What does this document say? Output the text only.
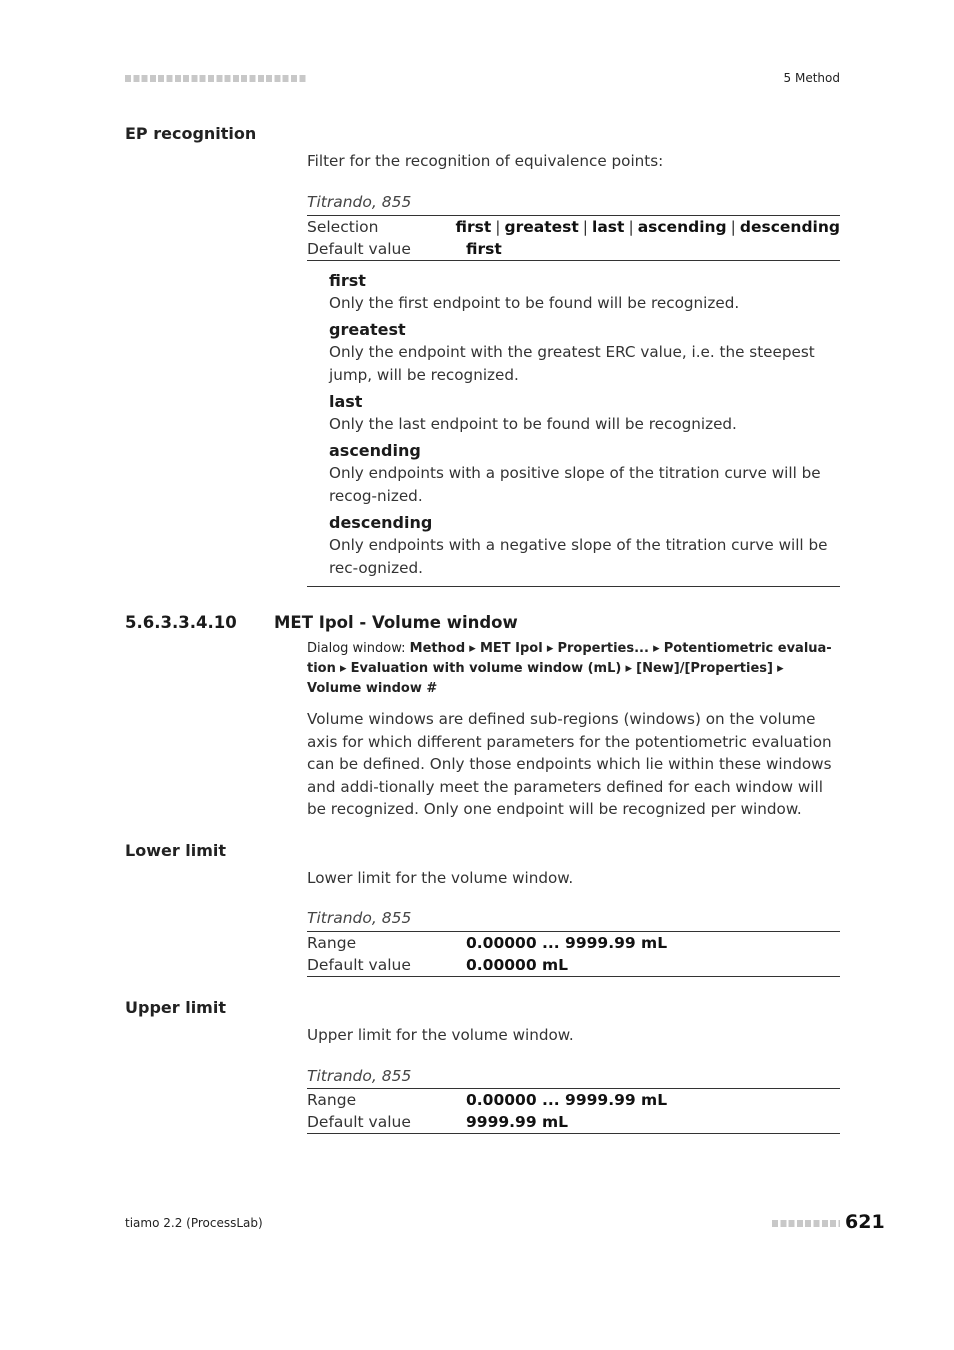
5 Method
EP recognition
Filter for the recognition of equivalence points:
Titrando, 855
Selection	first | greatest | last | ascending | descending
Default value	first
first
Only the first endpoint to be found will be recognized.
greatest
Only the endpoint with the greatest ERC value, i.e. the steepest jump, will be recognized.
last
Only the last endpoint to be found will be recognized.
ascending
Only endpoints with a positive slope of the titration curve will be recog-nized.
descending
Only endpoints with a negative slope of the titration curve will be rec-ognized.
5.6.3.3.4.10 MET Ipol - Volume window
Dialog window: Method ▸ MET Ipol ▸ Properties... ▸ Potentiometric evalua-tion ▸ Evaluation with volume window (mL) ▸ [New]/[Properties] ▸ Volume window #
Volume windows are defined sub-regions (windows) on the volume axis for which different parameters for the potentiometric evaluation can be defined. Only those endpoints which lie within these windows and addi-tionally meet the parameters defined for each window will be recognized. Only one endpoint will be recognized per window.
Lower limit
Lower limit for the volume window.
Titrando, 855
Range	0.00000 ... 9999.99 mL
Default value	0.00000 mL
Upper limit
Upper limit for the volume window.
Titrando, 855
Range	0.00000 ... 9999.99 mL
Default value	9999.99 mL
tiamo 2.2 (ProcessLab)	621
